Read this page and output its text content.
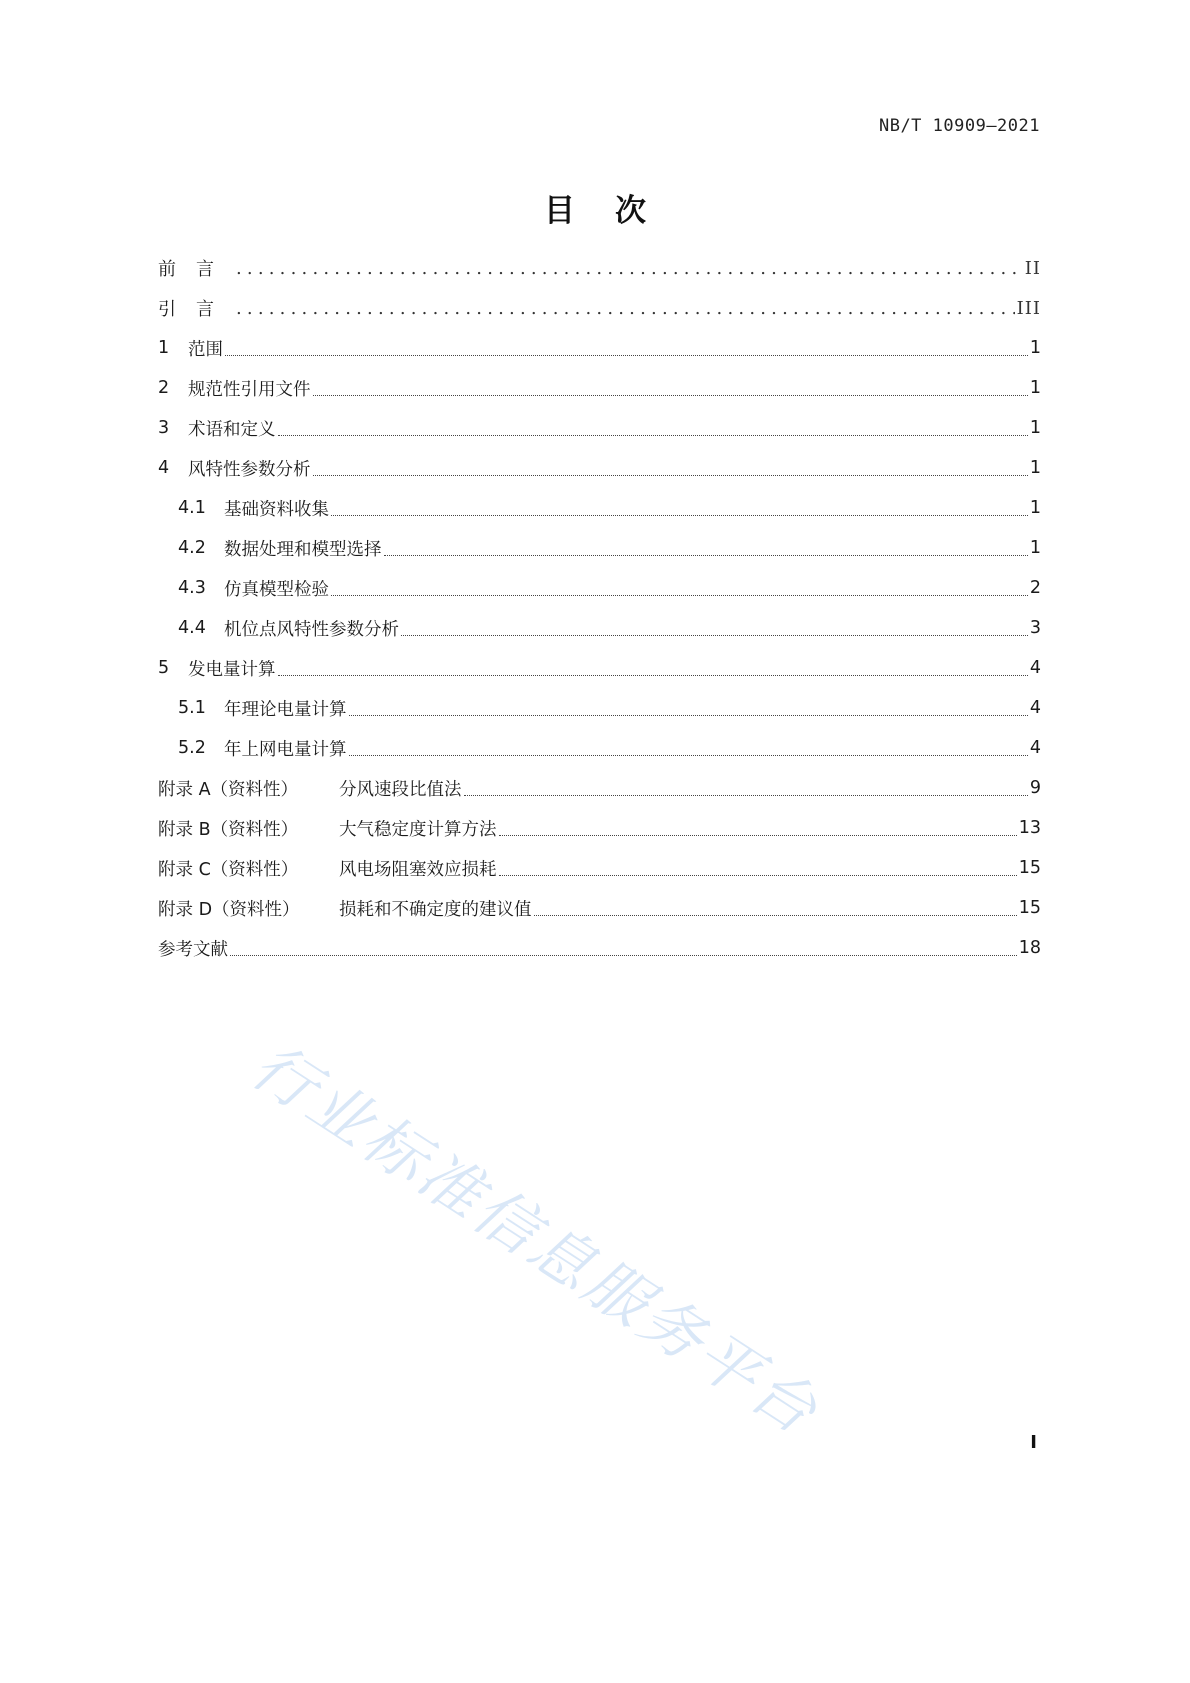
NB/T 10909—2021
目 次
前言 .....	II
引言 .....	III
1	范围	1
2	规范性引用文件	1
3	术语和定义	1
4	风特性参数分析	1
4.1	基础资料收集	1
4.2	数据处理和模型选择	1
4.3	仿真模型检验	2
4.4	机位点风特性参数分析	3
5	发电量计算	4
5.1	年理论电量计算	4
5.2	年上网电量计算	4
附录 A（资料性）	分风速段比值法	9
附录 B（资料性）	大气稳定度计算方法	13
附录 C（资料性）	风电场阻塞效应损耗	15
附录 D（资料性）	损耗和不确定度的建议值	15
参考文献	18
行业标准信息服务平台	I
